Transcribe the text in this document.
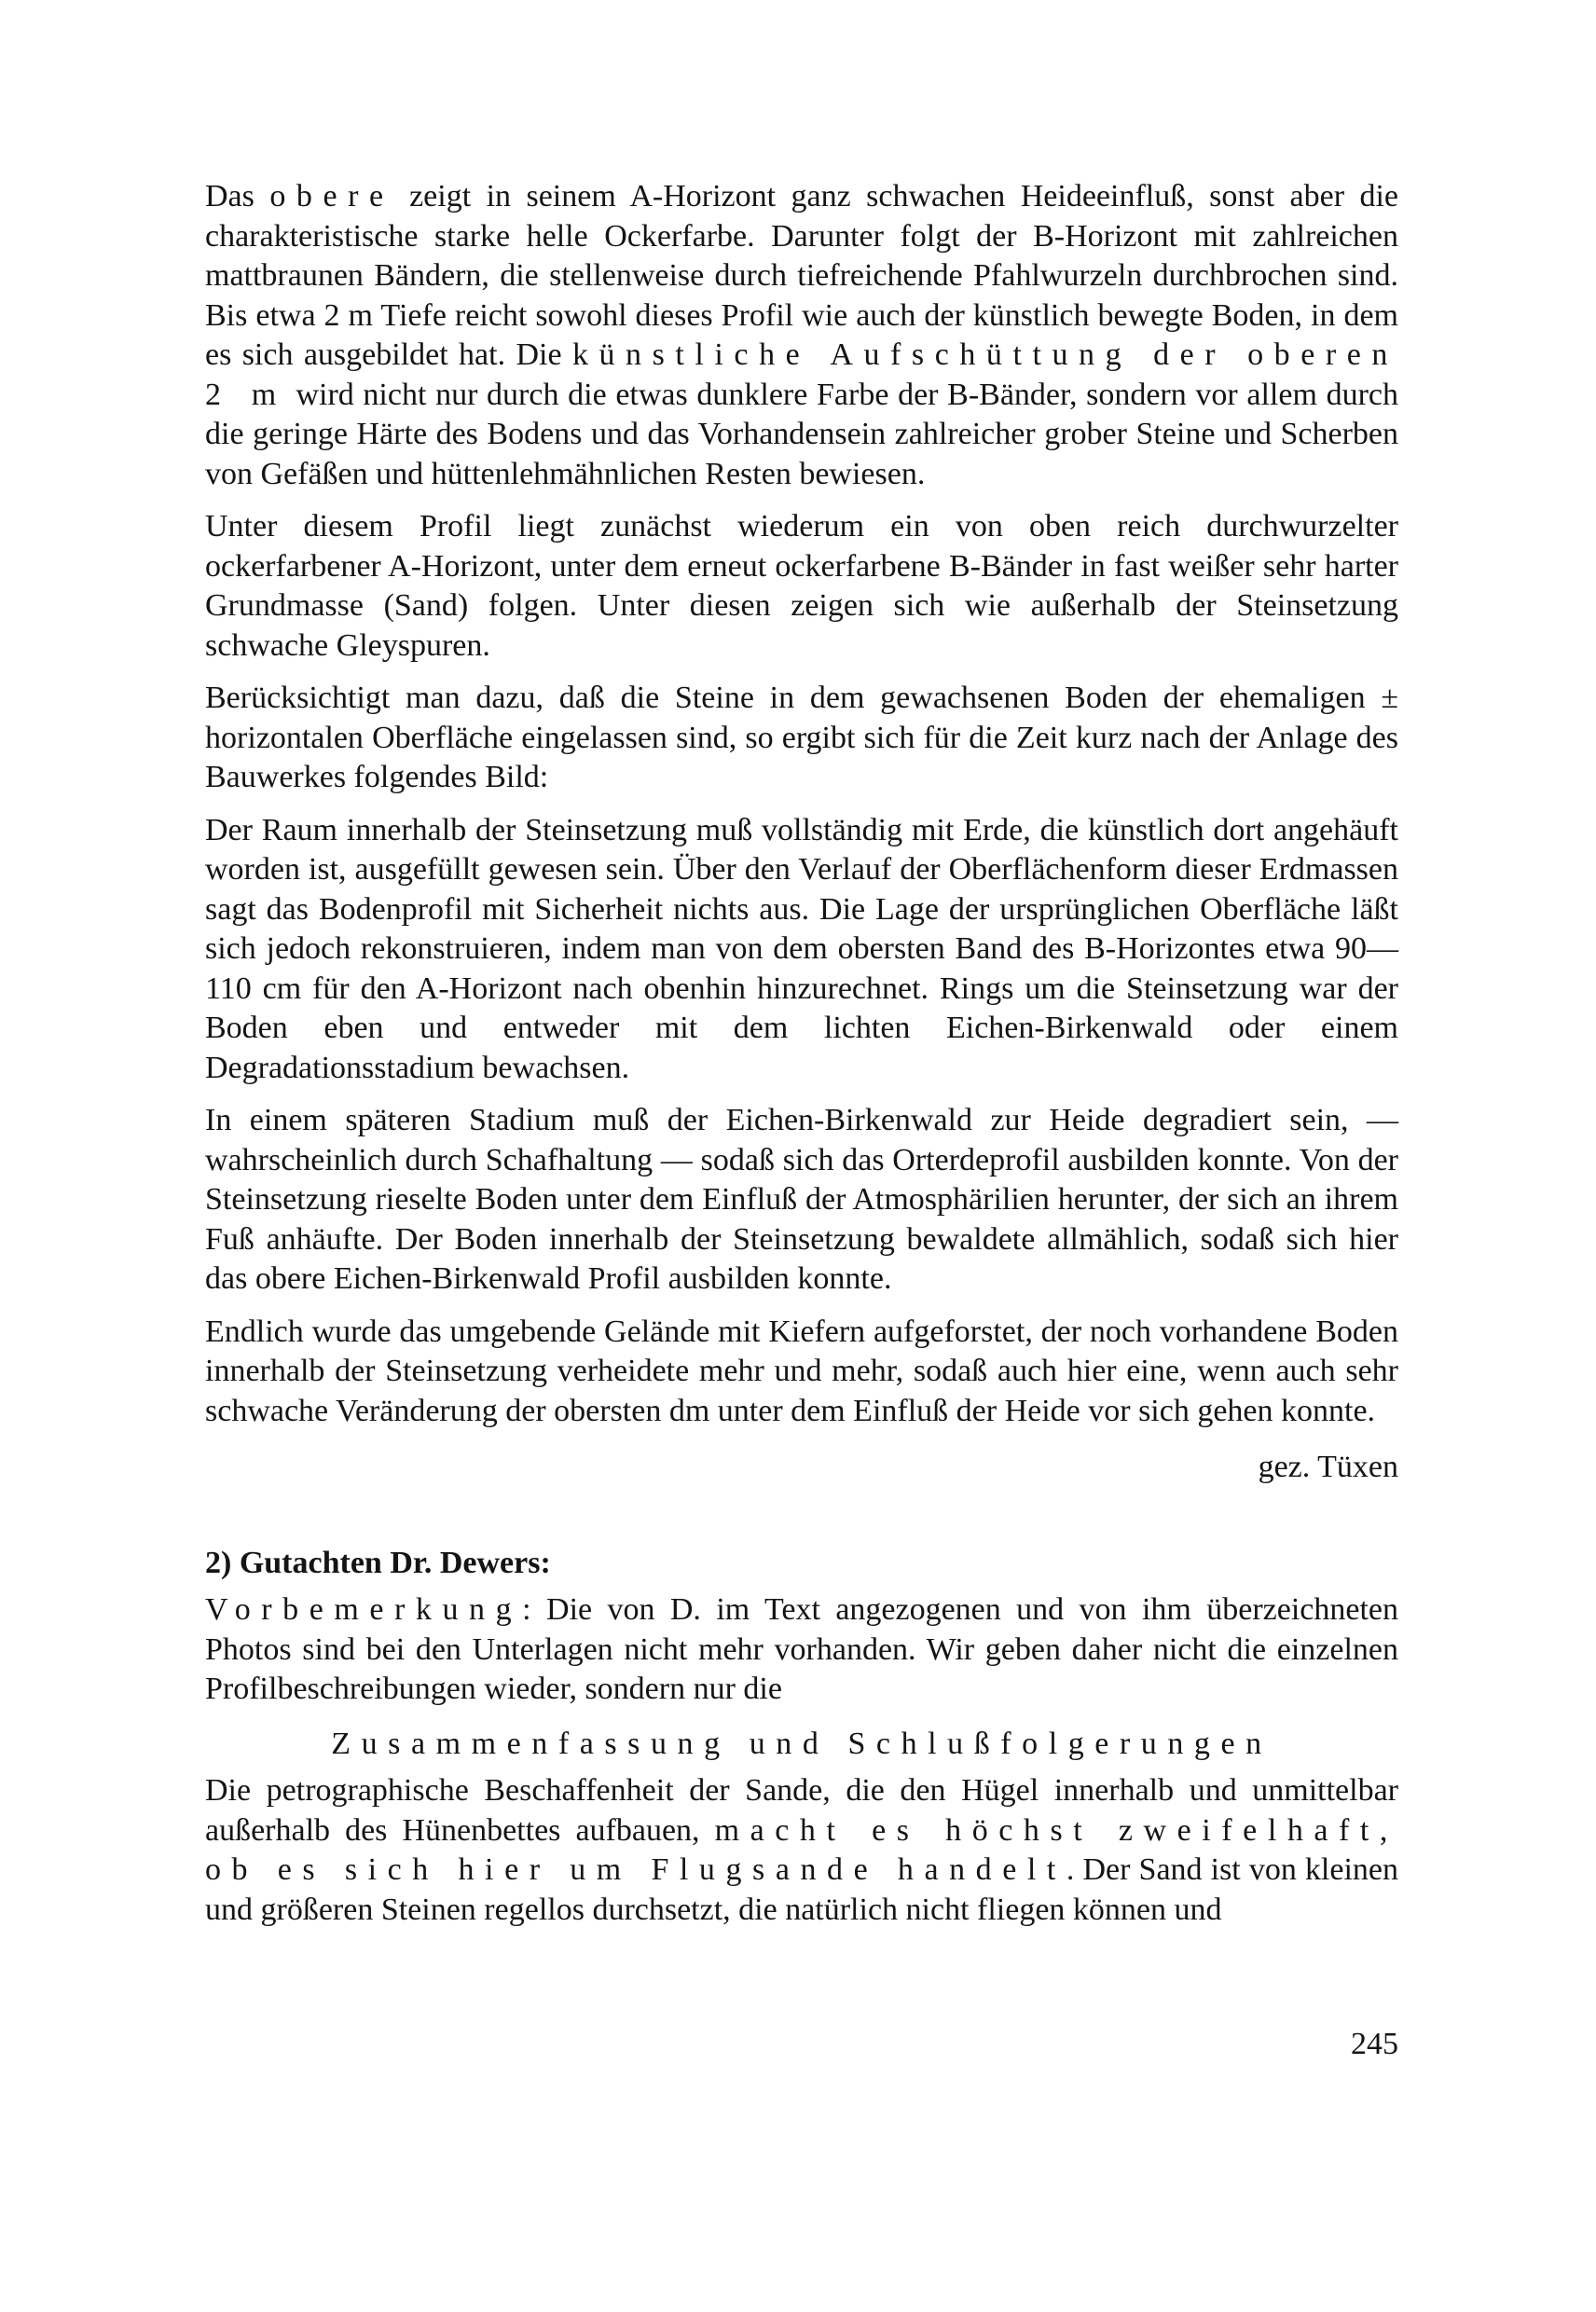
Das obere zeigt in seinem A-Horizont ganz schwachen Heideeinfluß, sonst aber die charakteristische starke helle Ockerfarbe. Darunter folgt der B-Horizont mit zahlreichen mattbraunen Bändern, die stellenweise durch tiefreichende Pfahlwurzeln durchbrochen sind. Bis etwa 2 m Tiefe reicht sowohl dieses Profil wie auch der künstlich bewegte Boden, in dem es sich ausgebildet hat. Die künstliche Aufschüttung der oberen 2 m wird nicht nur durch die etwas dunklere Farbe der B-Bänder, sondern vor allem durch die geringe Härte des Bodens und das Vorhandensein zahlreicher grober Steine und Scherben von Gefäßen und hüttenlehmähnlichen Resten bewiesen.

Unter diesem Profil liegt zunächst wiederum ein von oben reich durchwurzelter ockerfarbener A-Horizont, unter dem erneut ockerfarbene B-Bänder in fast weißer sehr harter Grundmasse (Sand) folgen. Unter diesen zeigen sich wie außerhalb der Steinsetzung schwache Gleyspuren.

Berücksichtigt man dazu, daß die Steine in dem gewachsenen Boden der ehemaligen ± horizontalen Oberfläche eingelassen sind, so ergibt sich für die Zeit kurz nach der Anlage des Bauwerkes folgendes Bild:

Der Raum innerhalb der Steinsetzung muß vollständig mit Erde, die künstlich dort angehäuft worden ist, ausgefüllt gewesen sein. Über den Verlauf der Oberflächenform dieser Erdmassen sagt das Bodenprofil mit Sicherheit nichts aus. Die Lage der ursprünglichen Oberfläche läßt sich jedoch rekonstruieren, indem man von dem obersten Band des B-Horizontes etwa 90—110 cm für den A-Horizont nach obenhin hinzurechnet. Rings um die Steinsetzung war der Boden eben und entweder mit dem lichten Eichen-Birkenwald oder einem Degradationsstadium bewachsen.

In einem späteren Stadium muß der Eichen-Birkenwald zur Heide degradiert sein, — wahrscheinlich durch Schafhaltung — sodaß sich das Orterdeprofil ausbilden konnte. Von der Steinsetzung rieselte Boden unter dem Einfluß der Atmosphärilien herunter, der sich an ihrem Fuß anhäufte. Der Boden innerhalb der Steinsetzung bewaldete allmählich, sodaß sich hier das obere Eichen-Birkenwald Profil ausbilden konnte.

Endlich wurde das umgebende Gelände mit Kiefern aufgeforstet, der noch vorhandene Boden innerhalb der Steinsetzung verheidete mehr und mehr, sodaß auch hier eine, wenn auch sehr schwache Veränderung der obersten dm unter dem Einfluß der Heide vor sich gehen konnte.

gez. Tüxen

2) Gutachten Dr. Dewers:

Vorbemerkung: Die von D. im Text angezogenen und von ihm überzeichneten Photos sind bei den Unterlagen nicht mehr vorhanden. Wir geben daher nicht die einzelnen Profilbeschreibungen wieder, sondern nur die

Zusammenfassung und Schlußfolgerungen

Die petrographische Beschaffenheit der Sande, die den Hügel innerhalb und unmittelbar außerhalb des Hünenbettes aufbauen, macht es höchst zweifelhaft, ob es sich hier um Flugsande handelt. Der Sand ist von kleinen und größeren Steinen regellos durchsetzt, die natürlich nicht fliegen können und

245
